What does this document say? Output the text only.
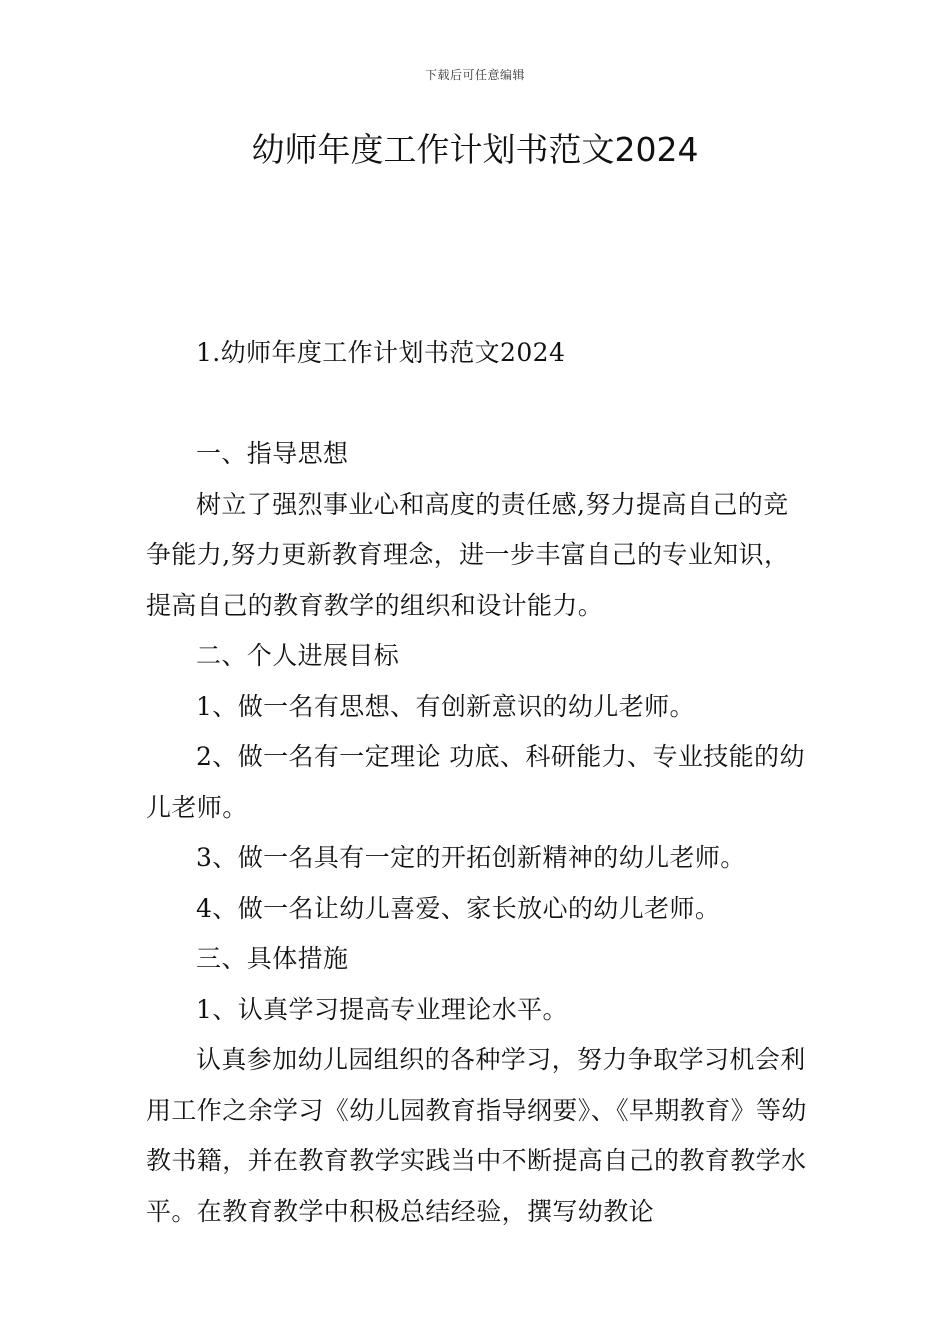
下载后可任意编辑
幼师年度工作计划书范文2024

1.幼师年度工作计划书范文2024

一、指导思想

树立了强烈事业心和高度的责任感,努力提高自己的竞争能力,努力更新教育理念，进一步丰富自己的专业知识，提高自己的教育教学的组织和设计能力。

二、个人进展目标

1、做一名有思想、有创新意识的幼儿老师。

2、做一名有一定理论 功底、科研能力、专业技能的幼儿老师。

3、做一名具有一定的开拓创新精神的幼儿老师。

4、做一名让幼儿喜爱、家长放心的幼儿老师。

三、具体措施

1、认真学习提高专业理论水平。

认真参加幼儿园组织的各种学习，努力争取学习机会利用工作之余学习《幼儿园教育指导纲要》、《早期教育》等幼教书籍，并在教育教学实践当中不断提高自己的教育教学水平。在教育教学中积极总结经验，撰写幼教论
